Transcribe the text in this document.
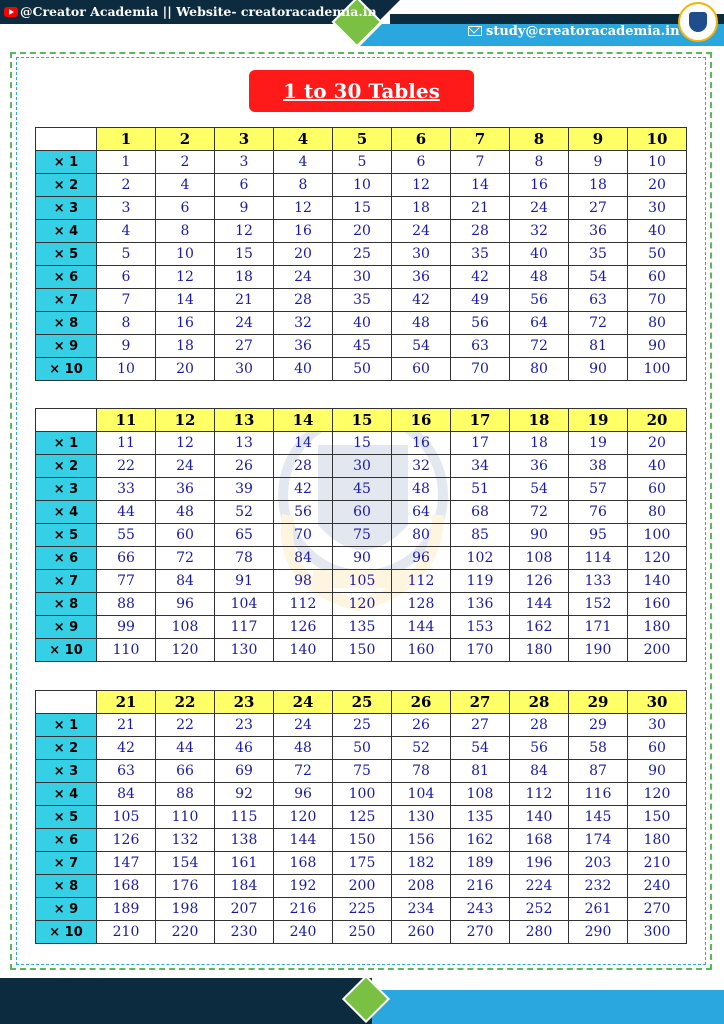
@Creator Academia || Website- creatoracademia.in
study@creatoracademia.in
1 to 30 Tables
	1	2	3	4	5	6	7	8	9	10
× 1	1	2	3	4	5	6	7	8	9	10
× 2	2	4	6	8	10	12	14	16	18	20
× 3	3	6	9	12	15	18	21	24	27	30
× 4	4	8	12	16	20	24	28	32	36	40
× 5	5	10	15	20	25	30	35	40	35	50
× 6	6	12	18	24	30	36	42	48	54	60
× 7	7	14	21	28	35	42	49	56	63	70
× 8	8	16	24	32	40	48	56	64	72	80
× 9	9	18	27	36	45	54	63	72	81	90
× 10	10	20	30	40	50	60	70	80	90	100
	11	12	13	14	15	16	17	18	19	20
× 1	11	12	13	14	15	16	17	18	19	20
× 2	22	24	26	28	30	32	34	36	38	40
× 3	33	36	39	42	45	48	51	54	57	60
× 4	44	48	52	56	60	64	68	72	76	80
× 5	55	60	65	70	75	80	85	90	95	100
× 6	66	72	78	84	90	96	102	108	114	120
× 7	77	84	91	98	105	112	119	126	133	140
× 8	88	96	104	112	120	128	136	144	152	160
× 9	99	108	117	126	135	144	153	162	171	180
× 10	110	120	130	140	150	160	170	180	190	200
	21	22	23	24	25	26	27	28	29	30
× 1	21	22	23	24	25	26	27	28	29	30
× 2	42	44	46	48	50	52	54	56	58	60
× 3	63	66	69	72	75	78	81	84	87	90
× 4	84	88	92	96	100	104	108	112	116	120
× 5	105	110	115	120	125	130	135	140	145	150
× 6	126	132	138	144	150	156	162	168	174	180
× 7	147	154	161	168	175	182	189	196	203	210
× 8	168	176	184	192	200	208	216	224	232	240
× 9	189	198	207	216	225	234	243	252	261	270
× 10	210	220	230	240	250	260	270	280	290	300
